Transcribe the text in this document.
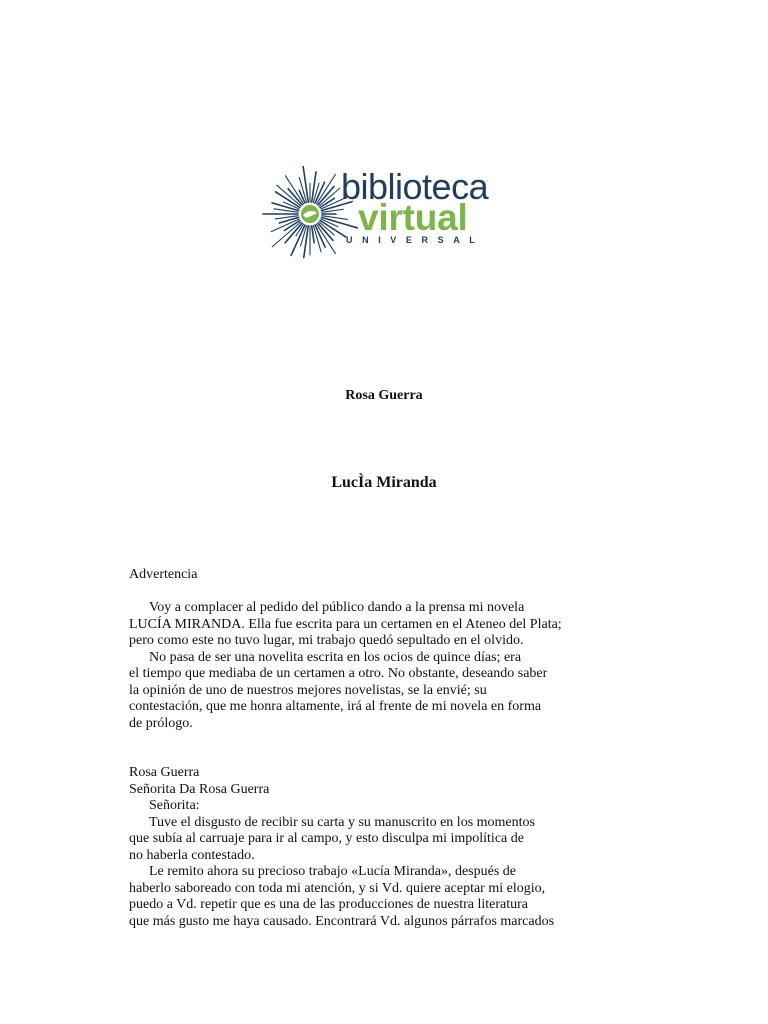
biblioteca
virtual
UNIVERSAL
Rosa Guerra
LucÌa Miranda
Advertencia
Voy a complacer al pedido del público dando a la prensa mi novela
LUCÍA MIRANDA. Ella fue escrita para un certamen en el Ateneo del Plata;
pero como este no tuvo lugar, mi trabajo quedó sepultado en el olvido.
No pasa de ser una novelita escrita en los ocios de quince días; era
el tiempo que mediaba de un certamen a otro. No obstante, deseando saber
la opinión de uno de nuestros mejores novelistas, se la envié; su
contestación, que me honra altamente, irá al frente de mi novela en forma
de prólogo.
Rosa Guerra
Señorita Da Rosa Guerra
Señorita:
Tuve el disgusto de recibir su carta y su manuscrito en los momentos
que subía al carruaje para ir al campo, y esto disculpa mi impolítica de
no haberla contestado.
Le remito ahora su precioso trabajo «Lucía Miranda», después de
haberlo saboreado con toda mi atención, y si Vd. quiere aceptar mi elogio,
puedo a Vd. repetir que es una de las producciones de nuestra literatura
que más gusto me haya causado. Encontrará Vd. algunos párrafos marcados
